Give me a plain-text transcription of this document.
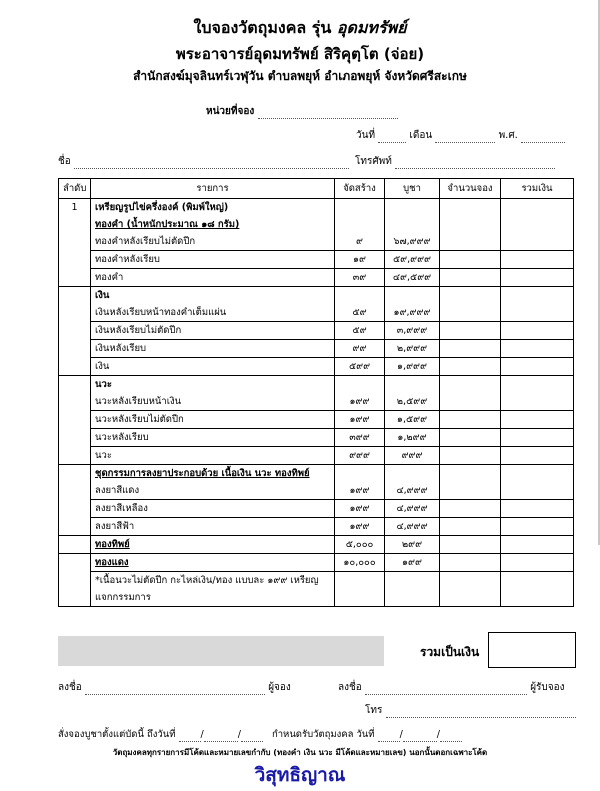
ใบจองวัตถุมงคล รุ่น อุดมทรัพย์
พระอาจารย์อุดมทรัพย์ สิริคุตฺโต (จ่อย)
สำนักสงฆ์มุจลินทร์เวฬุวัน ตำบลพยุห์ อำเภอพยุห์ จังหวัดศรีสะเกษ
หน่วยที่จอง
วันที่	เดือน	พ.ศ.
ชื่อ	โทรศัพท์
ลำดับ	รายการ	จัดสร้าง	บูชา	จำนวนจอง	รวมเงิน
1	เหรียญรูปไข่ครึ่งองค์ (พิมพ์ใหญ่)				
	ทองคำ (น้ำหนักประมาณ ๑๘ กรัม)				
	ทองคำหลังเรียบไม่ตัดปีก	๙	๖๗,๙๙๙		
	ทองคำหลังเรียบ	๑๙	๕๙,๙๙๙		
	ทองคำ	๓๙	๔๙,๕๙๙		
	เงิน				
	เงินหลังเรียบหน้าทองคำเต็มแผ่น	๕๙	๑๙,๙๙๙		
	เงินหลังเรียบไม่ตัดปีก	๕๙	๓,๙๙๙		
	เงินหลังเรียบ	๙๙	๒,๙๙๙		
	เงิน	๕๙๙	๑,๙๙๙		
	นวะ				
	นวะหลังเรียบหน้าเงิน	๑๙๙	๒,๕๙๙		
	นวะหลังเรียบไม่ตัดปีก	๑๙๙	๑,๕๙๙		
	นวะหลังเรียบ	๓๙๙	๑,๒๙๙		
	นวะ	๙๙๙	๙๙๙		
	ชุดกรรมการลงยาประกอบด้วย เนื้อเงิน นวะ ทองทิพย์				
	ลงยาสีแดง	๑๙๙	๔,๙๙๙		
	ลงยาสีเหลือง	๑๙๙	๔,๙๙๙		
	ลงยาสีฟ้า	๑๙๙	๔,๙๙๙		
	ทองทิพย์	๕,๐๐๐	๒๙๙		
	ทองแดง	๑๐,๐๐๐	๑๙๙		
	*เนื้อนวะไม่ตัดปีก กะไหล่เงิน/ทอง แบบละ ๑๙๙ เหรียญ				
	แจกกรรมการ				
รวมเป็นเงิน
ลงชื่อ	ผู้จอง	ลงชื่อ	ผู้รับจอง
โทร
สั่งจองบูชาตั้งแต่บัดนี้ ถึงวันที่	/	/	กำหนดรับวัตถุมงคล วันที่	/	/
วัตถุมงคลทุกรายการมีโค้ดและหมายเลขกำกับ (ทองคำ เงิน นวะ มีโค้ดและหมายเลข) นอกนั้นตอกเฉพาะโค้ด
วิสุทธิญาณ
